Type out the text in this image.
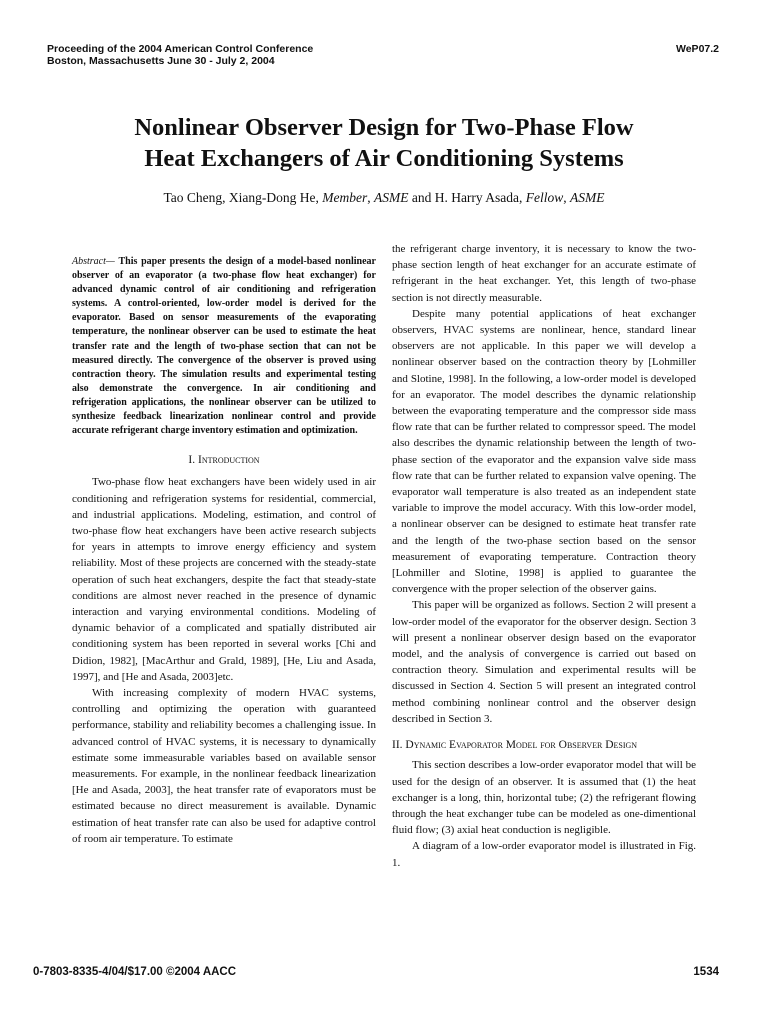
Proceeding of the 2004 American Control Conference
Boston, Massachusetts June 30 - July 2, 2004
WeP07.2
Nonlinear Observer Design for Two-Phase Flow
Heat Exchangers of Air Conditioning Systems
Tao Cheng, Xiang-Dong He, Member, ASME and H. Harry Asada, Fellow, ASME

Abstract— This paper presents the design of a model-based nonlinear observer of an evaporator (a two-phase flow heat exchanger) for advanced dynamic control of air conditioning and refrigeration systems. A control-oriented, low-order model is derived for the evaporator. Based on sensor measurements of the evaporating temperature, the nonlinear observer can be used to estimate the heat transfer rate and the length of two-phase section that can not be measured directly. The convergence of the observer is proved using contraction theory. The simulation results and experimental testing also demonstrate the convergence. In air conditioning and refrigeration applications, the nonlinear observer can be utilized to synthesize feedback linearization nonlinear control and provide accurate refrigerant charge inventory estimation and optimization.

I. Introduction

Two-phase flow heat exchangers have been widely used in air conditioning and refrigeration systems for residential, commercial, and industrial applications. Modeling, estimation, and control of two-phase flow heat exchangers have been active research subjects for years in attempts to imrove energy efficiency and system reliability. Most of these projects are concerned with the steady-state operation of such heat exchangers, despite the fact that steady-state conditions are almost never reached in the presence of dynamic interaction and varying environmental conditions. Modeling of dynamic behavior of a complicated and spatially distributed air conditioning system has been reported in several works [Chi and Didion, 1982], [MacArthur and Grald, 1989], [He, Liu and Asada, 1997], and [He and Asada, 2003]etc.

With increasing complexity of modern HVAC systems, controlling and optimizing the operation with guaranteed performance, stability and reliability becomes a challenging issue. In advanced control of HVAC systems, it is necessary to dynamically estimate some immeasurable variables based on available sensor measurements. For example, in the nonlinear feedback linearization [He and Asada, 2003], the heat transfer rate of evaporators must be estimated because no direct measurement is available. Dynamic estimation of heat transfer rate can also be used for adaptive control of room air temperature. To estimate

the refrigerant charge inventory, it is necessary to know the two-phase section length of heat exchanger for an accurate estimate of refrigerant in the heat exchanger. Yet, this length of two-phase section is not directly measurable.

Despite many potential applications of heat exchanger observers, HVAC systems are nonlinear, hence, standard linear observers are not applicable. In this paper we will develop a nonlinear observer based on the contraction theory by [Lohmiller and Slotine, 1998]. In the following, a low-order model is developed for an evaporator. The model describes the dynamic relationship between the evaporating temperature and the compressor side mass flow rate that can be further related to compressor speed. The model also describes the dynamic relationship between the length of two-phase section of the evaporator and the expansion valve side mass flow rate that can be further related to expansion valve opening. The evaporator wall temperature is also treated as an independent state variable to improve the model accuracy. With this low-order model, a nonlinear observer can be designed to estimate heat transfer rate and the length of the two-phase section based on the sensor measurement of evaporating temperature. Contraction theory [Lohmiller and Slotine, 1998] is applied to guarantee the convergence with the proper selection of the observer gains.

This paper will be organized as follows. Section 2 will present a low-order model of the evaporator for the observer design. Section 3 will present a nonlinear observer design based on the evaporator model, and the analysis of convergence is carried out based on contraction theory. Simulation and experimental results will be discussed in Section 4. Section 5 will present an integrated control method combining nonlinear control and the observer design described in Section 3.

II. Dynamic Evaporator Model for Observer Design

This section describes a low-order evaporator model that will be used for the design of an observer. It is assumed that (1) the heat exchanger is a long, thin, horizontal tube; (2) the refrigerant flowing through the heat exchanger tube can be modeled as one-dimentional fluid flow; (3) axial heat conduction is negligible.

A diagram of a low-order evaporator model is illustrated in Fig. 1.

0-7803-8335-4/04/$17.00 ©2004 AACC	1534
